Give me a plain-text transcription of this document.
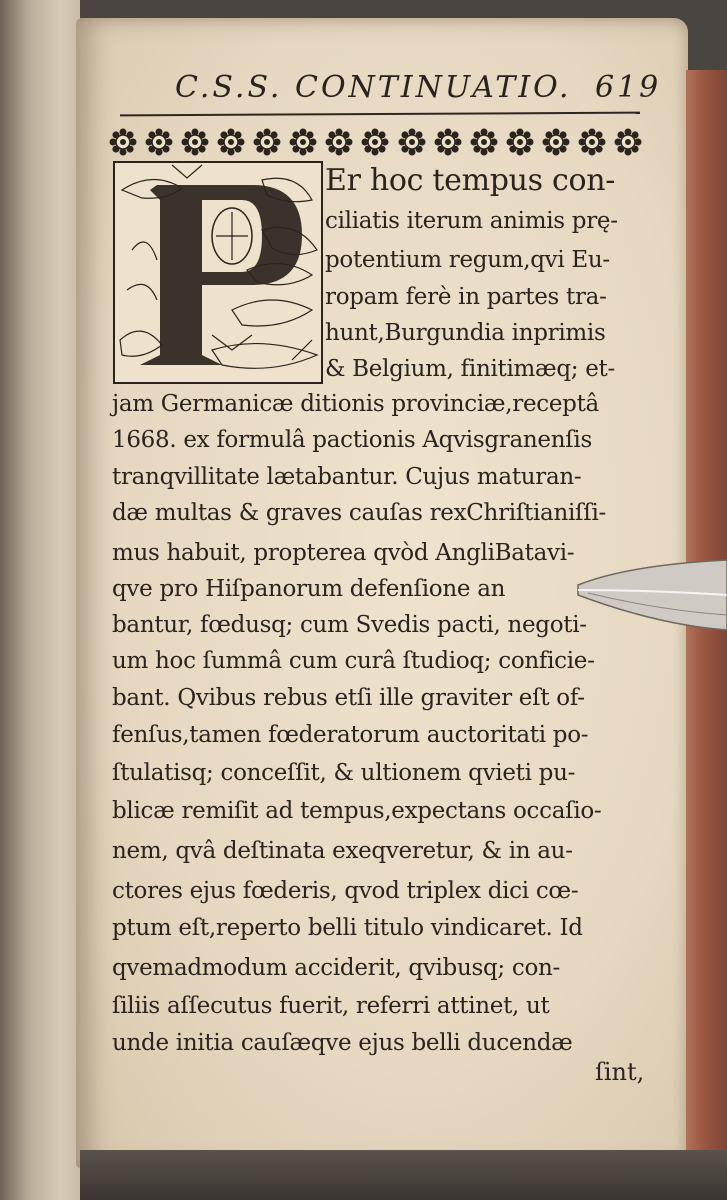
C.S.S. CONTINUATIO. 619
Er hoc tempus con-
ciliatis iterum animis prę-
potentium regum,qvi Eu-
ropam ferè in partes tra-
hunt,Burgundia inprimis
& Belgium, finitimæq; et-
jam Germanicæ ditionis provinciæ,receptâ
1668. ex formulâ pactionis Aqvisgranenſis
tranqvillitate lætabantur. Cujus maturan-
dæ multas & graves cauſas rexChriſtianiſſi-
mus habuit, propterea qvòd AngliBatavi-
qve pro Hiſpanorum defenſione an
bantur, fœdusq; cum Svedis pacti, negoti-
um hoc ſummâ cum curâ ſtudioq; conficie-
bant. Qvibus rebus etſi ille graviter eſt of-
fenſus,tamen fœderatorum auctoritati po-
ſtulatisq; conceſſit, & ultionem qvieti pu-
blicæ remiſit ad tempus,expectans occaſio-
nem, qvâ deſtinata exeqveretur, & in au-
ctores ejus fœderis, qvod triplex dici cœ-
ptum eſt,reperto belli titulo vindicaret. Id
qvemadmodum acciderit, qvibusq; con-
ſiliis aſſecutus fuerit, referri attinet, ut
unde initia cauſæqve ejus belli ducendæ
ſint,
